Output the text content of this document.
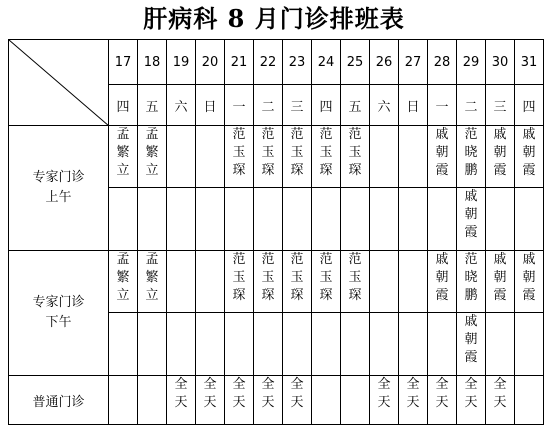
肝病科 8 月门诊排班表
	17	18	19	20	21	22	23	24	25	26	27	28	29	30	31
	四	五	六	日	一	二	三	四	五	六	日	一	二	三	四

专家门诊
上午	孟
繁
立	孟
繁
立			范
玉
琛	范
玉
琛	范
玉
琛	范
玉
琛	范
玉
琛			戚
朝
霞	范
晓
鹏	戚
朝
霞	戚
朝
霞

													戚
朝
霞		

专家门诊
下午	孟
繁
立	孟
繁
立			范
玉
琛	范
玉
琛	范
玉
琛	范
玉
琛	范
玉
琛			戚
朝
霞	范
晓
鹏	戚
朝
霞	戚
朝
霞

													戚
朝
霞		

普通门诊			全
天	全
天	全
天	全
天	全
天			全
天	全
天	全
天	全
天	全
天	
